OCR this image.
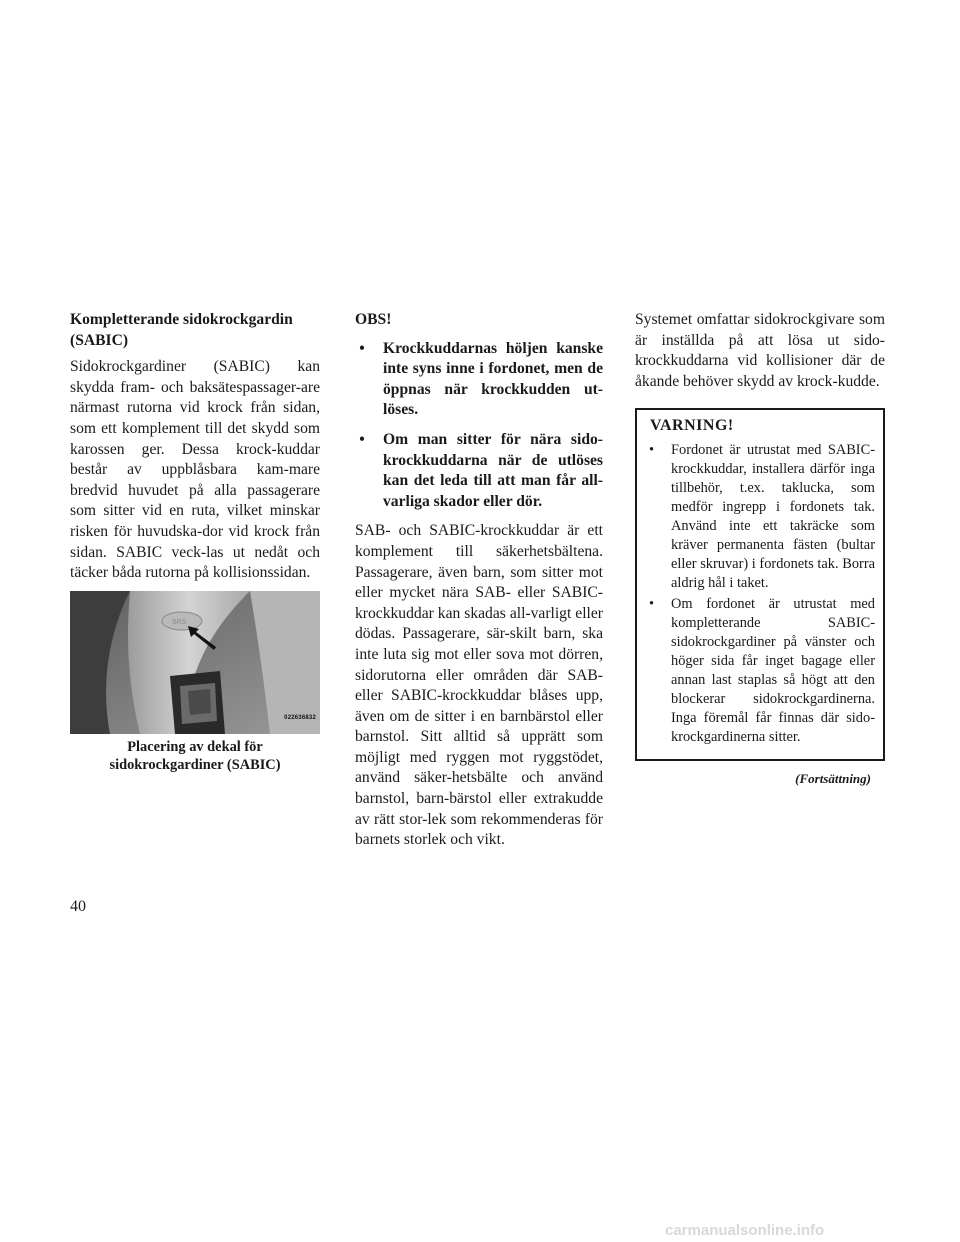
Kompletterande sidokrockgardin (SABIC)

Sidokrockgardiner (SABIC) kan skydda fram- och baksätespassager-are närmast rutorna vid krock från sidan, som ett komplement till det skydd som karossen ger. Dessa krock-kuddar består av uppblåsbara kam-mare bredvid huvudet på alla passagerare som sitter vid en ruta, vilket minskar risken för huvudska-dor vid krock från sidan. SABIC veck-las ut nedåt och täcker båda rutorna på kollisionssidan.

SRS
022636832
Placering av dekal för
sidokrockgardiner (SABIC)

OBS!

• Krockkuddarnas höljen kanske inte syns inne i fordonet, men de öppnas när krockkudden ut-löses.
• Om man sitter för nära sido-krockkuddarna när de utlöses kan det leda till att man får all-varliga skador eller dör.

SAB- och SABIC-krockkuddar är ett komplement till säkerhetsbältena. Passagerare, även barn, som sitter mot eller mycket nära SAB- eller SABIC-krockkuddar kan skadas all-varligt eller dödas. Passagerare, sär-skilt barn, ska inte luta sig mot eller sova mot dörren, sidorutorna eller områden där SAB- eller SABIC-krockkuddar blåses upp, även om de sitter i en barnbärstol eller barnstol. Sitt alltid så upprätt som möjligt med ryggen mot ryggstödet, använd säker-hetsbälte och använd barnstol, barn-bärstol eller extrakudde av rätt stor-lek som rekommenderas för barnets storlek och vikt.

Systemet omfattar sidokrockgivare som är inställda på att lösa ut sido-krockkuddarna vid kollisioner där de åkande behöver skydd av krock-kudde.

VARNING!
• Fordonet är utrustat med SABIC-krockkuddar, installera därför inga tillbehör, t.ex. taklucka, som medför ingrepp i fordonets tak. Använd inte ett takräcke som kräver permanenta fästen (bultar eller skruvar) i fordonets tak. Borra aldrig hål i taket.
• Om fordonet är utrustat med kompletterande SABIC-sidokrockgardiner på vänster och höger sida får inget bagage eller annan last staplas så högt att den blockerar sidokrockgardinerna. Inga föremål får finnas där sido-krockgardinerna sitter.
(Fortsättning)
40
carmanualsonline.info
